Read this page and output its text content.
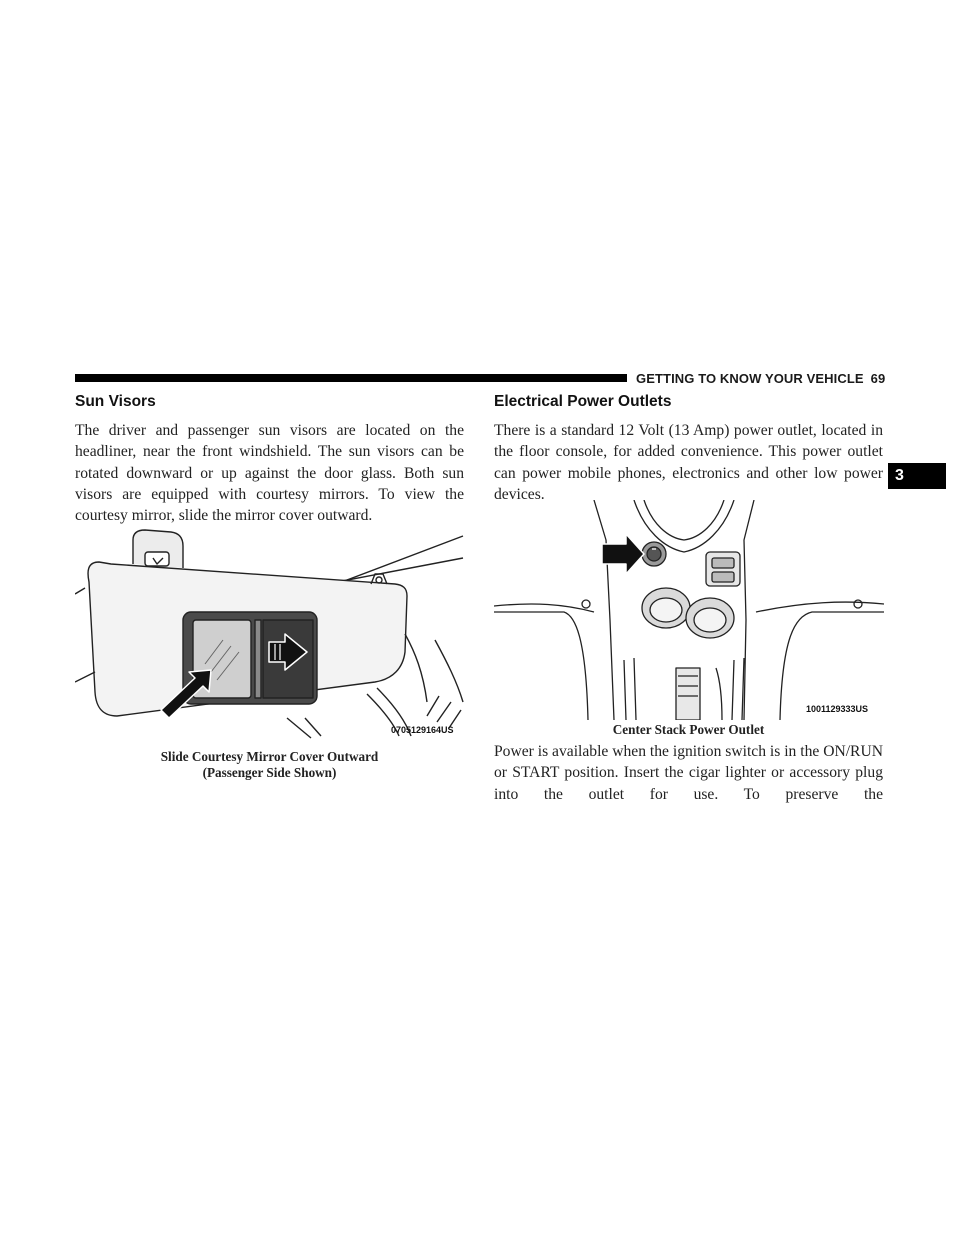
GETTING TO KNOW YOUR VEHICLE 69
3
Sun Visors

The driver and passenger sun visors are located on the headliner, near the front windshield. The sun visors can be rotated downward or up against the door glass. Both sun visors are equipped with courtesy mirrors. To view the courtesy mirror, slide the mirror cover outward.

0705129164US

Slide Courtesy Mirror Cover Outward
(Passenger Side Shown)

Electrical Power Outlets

There is a standard 12 Volt (13 Amp) power outlet, located in the floor console, for added convenience. This power outlet can power mobile phones, electronics and other low power devices.

1001129333US

Center Stack Power Outlet

Power is available when the ignition switch is in the ON/RUN or START position. Insert the cigar lighter or accessory plug into the outlet for use. To preserve the
